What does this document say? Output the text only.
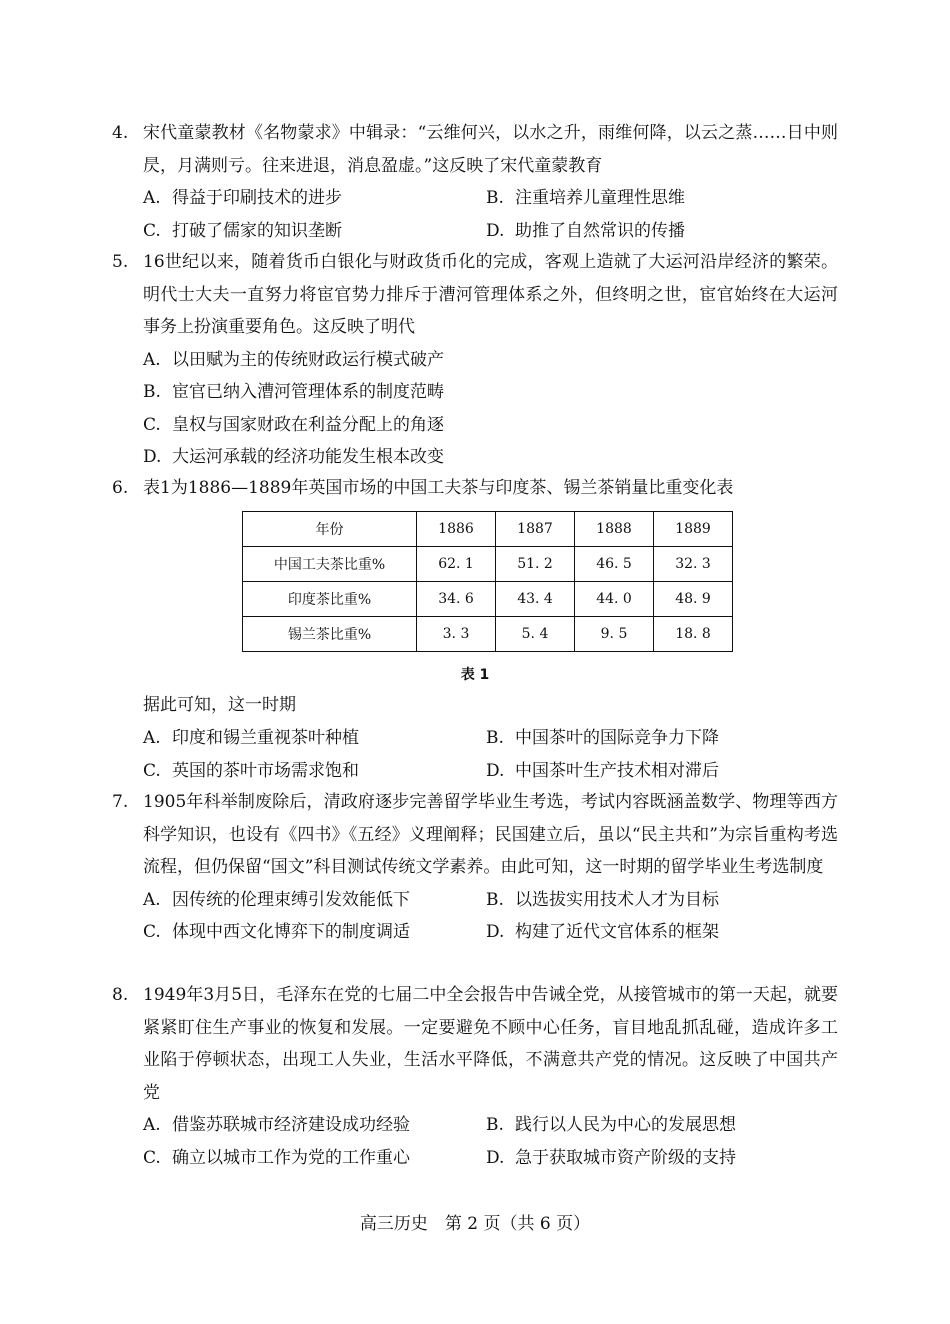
4. 宋代童蒙教材《名物蒙求》中辑录：“云维何兴，以水之升，雨维何降，以云之蒸……日中则昃，月满则亏。往来进退，消息盈虚。”这反映了宋代童蒙教育
A. 得益于印刷技术的进步	B. 注重培养儿童理性思维
C. 打破了儒家的知识垄断	D. 助推了自然常识的传播
5. 16世纪以来，随着货币白银化与财政货币化的完成，客观上造就了大运河沿岸经济的繁荣。明代士大夫一直努力将宦官势力排斥于漕河管理体系之外，但终明之世，宦官始终在大运河事务上扮演重要角色。这反映了明代
A. 以田赋为主的传统财政运行模式破产
B. 宦官已纳入漕河管理体系的制度范畴
C. 皇权与国家财政在利益分配上的角逐
D. 大运河承载的经济功能发生根本改变
6. 表1为1886—1889年英国市场的中国工夫茶与印度茶、锡兰茶销量比重变化表
年份	1886	1887	1888	1889
中国工夫茶比重%	62. 1	51. 2	46. 5	32. 3
印度茶比重%	34. 6	43. 4	44. 0	48. 9
锡兰茶比重%	3. 3	5. 4	9. 5	18. 8
表 1
据此可知，这一时期
A. 印度和锡兰重视茶叶种植	B. 中国茶叶的国际竞争力下降
C. 英国的茶叶市场需求饱和	D. 中国茶叶生产技术相对滞后
7. 1905年科举制废除后，清政府逐步完善留学毕业生考选，考试内容既涵盖数学、物理等西方科学知识，也设有《四书》《五经》义理阐释；民国建立后，虽以“民主共和”为宗旨重构考选流程，但仍保留“国文”科目测试传统文学素养。由此可知，这一时期的留学毕业生考选制度
A. 因传统的伦理束缚引发效能低下	B. 以选拔实用技术人才为目标
C. 体现中西文化博弈下的制度调适	D. 构建了近代文官体系的框架
8. 1949年3月5日，毛泽东在党的七届二中全会报告中告诫全党，从接管城市的第一天起，就要紧紧盯住生产事业的恢复和发展。一定要避免不顾中心任务，盲目地乱抓乱碰，造成许多工业陷于停顿状态，出现工人失业，生活水平降低，不满意共产党的情况。这反映了中国共产党
A. 借鉴苏联城市经济建设成功经验	B. 践行以人民为中心的发展思想
C. 确立以城市工作为党的工作重心	D. 急于获取城市资产阶级的支持
高三历史　第 2 页（共 6 页）
